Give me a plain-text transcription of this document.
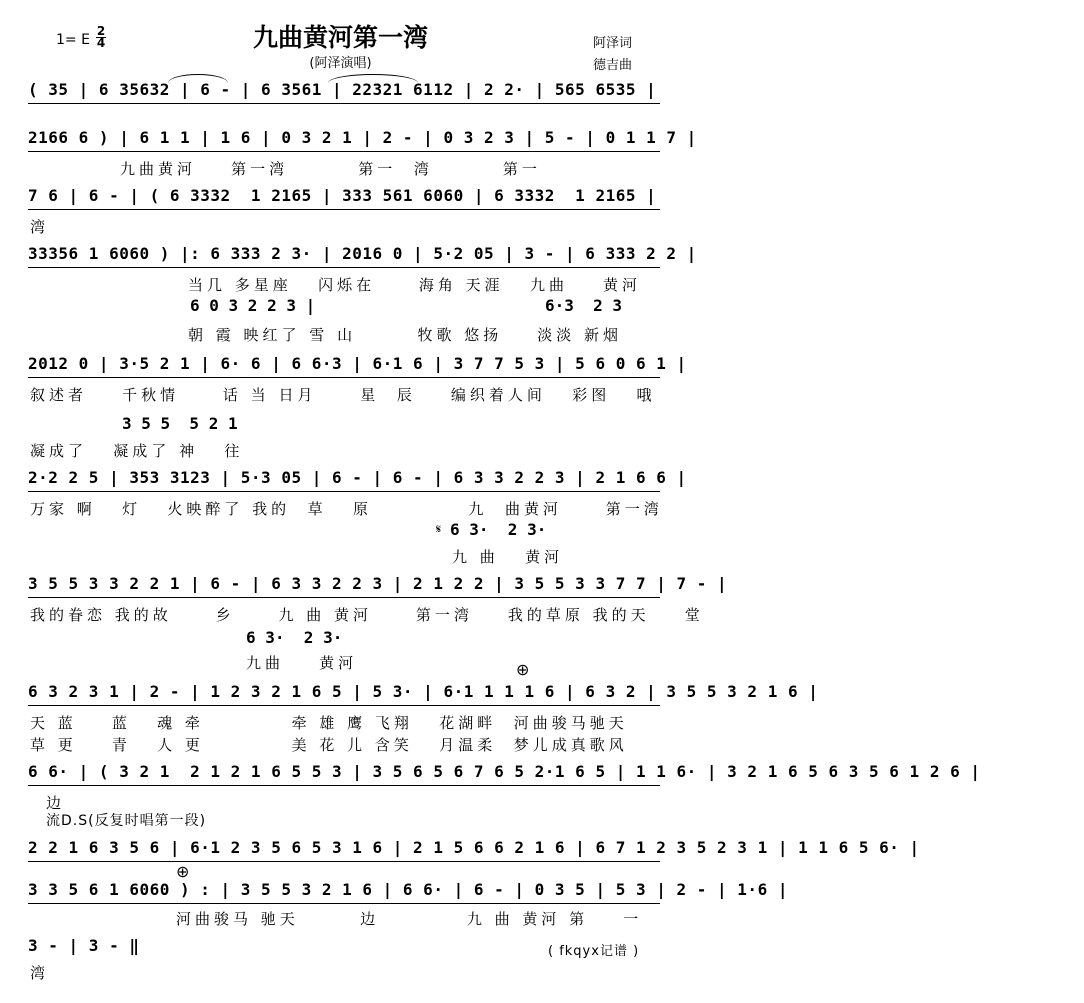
1= E
2
4	九曲黄河第一湾
(阿泽演唱)
阿泽词
德吉曲
( 35 | 6 35632 | 6 - | 6 3561 | 22321 6112 | 2 2· | 565 6535 |
2166 6 ) | 6 1 1 | 1 6 | 0 3 2 1 | 2 - | 0 3 2 3 | 5 - | 0 1 1 7 |
九曲黄河    第一湾        第一  湾        第一
7 6 | 6 - | ( 6 3332  1 2165 | 333 561 6060 | 6 3332  1 2165 |
湾
33356 1 6060 ) |: 6 333 2 3· | 2016 0 | 5·2 05 | 3 - | 6 333 2 2 |
当几 多星座   闪烁在     海角 天涯   九曲    黄河
6 0 3 2 2 3 |	6·3  2 3
朝 霞 映红了 雪 山       牧歌 悠扬    淡淡 新烟
2012 0 | 3·5 2 1 | 6· 6 | 6 6·3 | 6·1 6 | 3 7 7 5 3 | 5 6 0 6 1 |
叙述者    千秋情     话 当 日月     星  辰    编织着人间   彩图   哦
3 5 5  5 2 1
凝成了   凝成了 神   往
2·2 2 5 | 353 3123 | 5·3 05 | 6 - | 6 - | 6 3 3 2 2 3 | 2 1 6 6 |
万家 啊   灯   火映醉了 我的  草   原           九  曲黄河     第一湾
𝄋 6 3·  2 3·
九 曲   黄河
3 5 5 3 3 2 2 1 | 6 - | 6 3 3 2 2 3 | 2 1 2 2 | 3 5 5 3 3 7 7 | 7 - |
我的眷恋 我的故     乡     九 曲 黄河     第一湾    我的草原 我的天    堂
6 3·  2 3·
九曲    黄河	⊕
6 3 2 3 1 | 2 - | 1 2 3 2 1 6 5 | 5 3· | 6·1 1 1 1 6 | 6 3 2 | 3 5 5 3 2 1 6 |
天 蓝    蓝   魂 牵          牵 雄 鹰 飞翔   花湖畔  河曲骏马驰天
草 更    青   人 更          美 花 儿 含笑   月温柔  梦儿成真歌风
6 6· | ( 3 2 1  2 1 2 1 6 5 5 3 | 3 5 6 5 6 7 6 5 2·1 6 5 | 1 1 6· | 3 2 1 6 5 6 3 5 6 1 2 6 |
边
流D.S(反复时唱第一段)
2 2 1 6 3 5 6 | 6·1 2 3 5 6 5 3 1 6 | 2 1 5 6 6 2 1 6 | 6 7 1 2 3 5 2 3 1 | 1 1 6 5 6· |
⊕
3 3 5 6 1 6060 ) : | 3 5 5 3 2 1 6 | 6 6· | 6 - | 0 3 5 | 5 3 | 2 - | 1·6 |
河曲骏马 驰天       边          九 曲 黄河 第    一
3 - | 3 - ‖
湾
( fkqyx记谱 )
